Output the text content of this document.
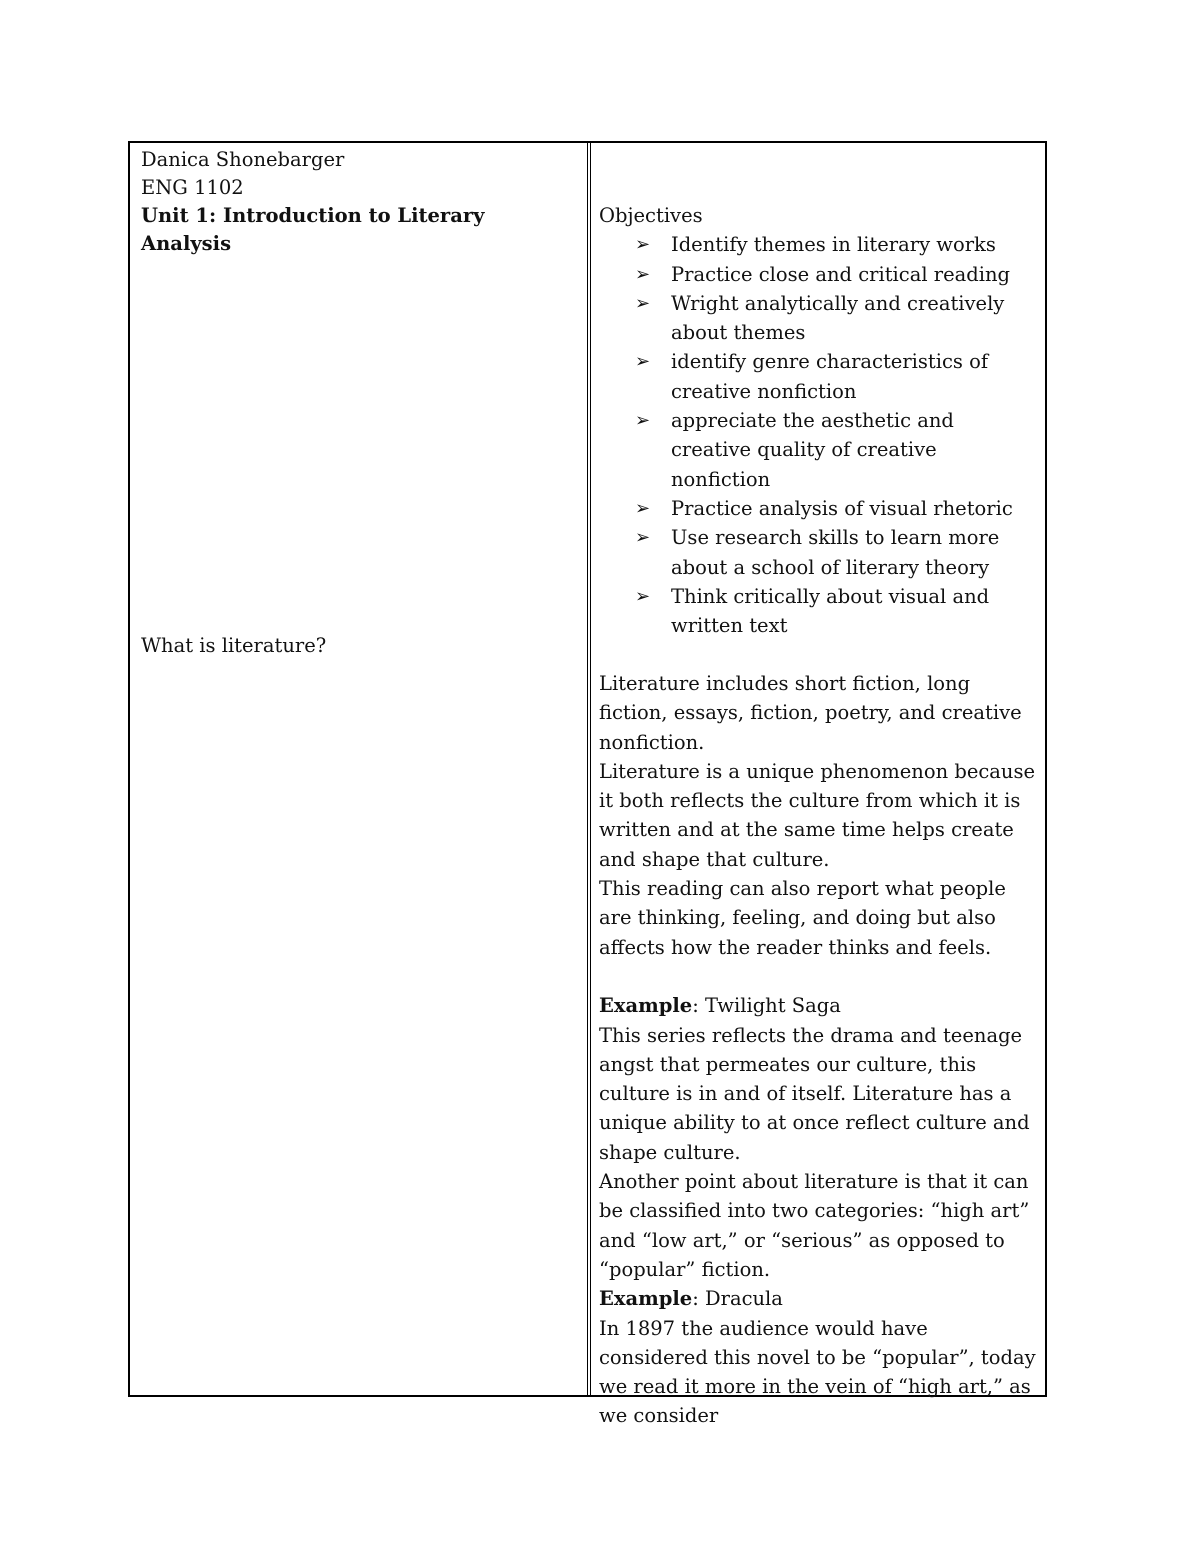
Danica Shonebarger
ENG 1102
Unit 1: Introduction to Literary Analysis
What is literature?
Objectives
➢ Identify themes in literary works
➢ Practice close and critical reading
➢ Wright analytically and creatively about themes
➢ identify genre characteristics of creative nonfiction
➢ appreciate the aesthetic and creative quality of creative nonfiction
➢ Practice analysis of visual rhetoric
➢ Use research skills to learn more about a school of literary theory
➢ Think critically about visual and written text

Literature includes short fiction, long fiction, essays, fiction, poetry, and creative nonfiction.

Literature is a unique phenomenon because it both reflects the culture from which it is written and at the same time helps create and shape that culture.

This reading can also report what people are thinking, feeling, and doing but also affects how the reader thinks and feels.

Example: Twilight Saga

This series reflects the drama and teenage angst that permeates our culture, this culture is in and of itself. Literature has a unique ability to at once reflect culture and shape culture.

Another point about literature is that it can be classified into two categories: “high art” and “low art,” or “serious” as opposed to “popular” fiction.

Example: Dracula

In 1897 the audience would have considered this novel to be “popular”, today we read it more in the vein of “high art,” as we consider
